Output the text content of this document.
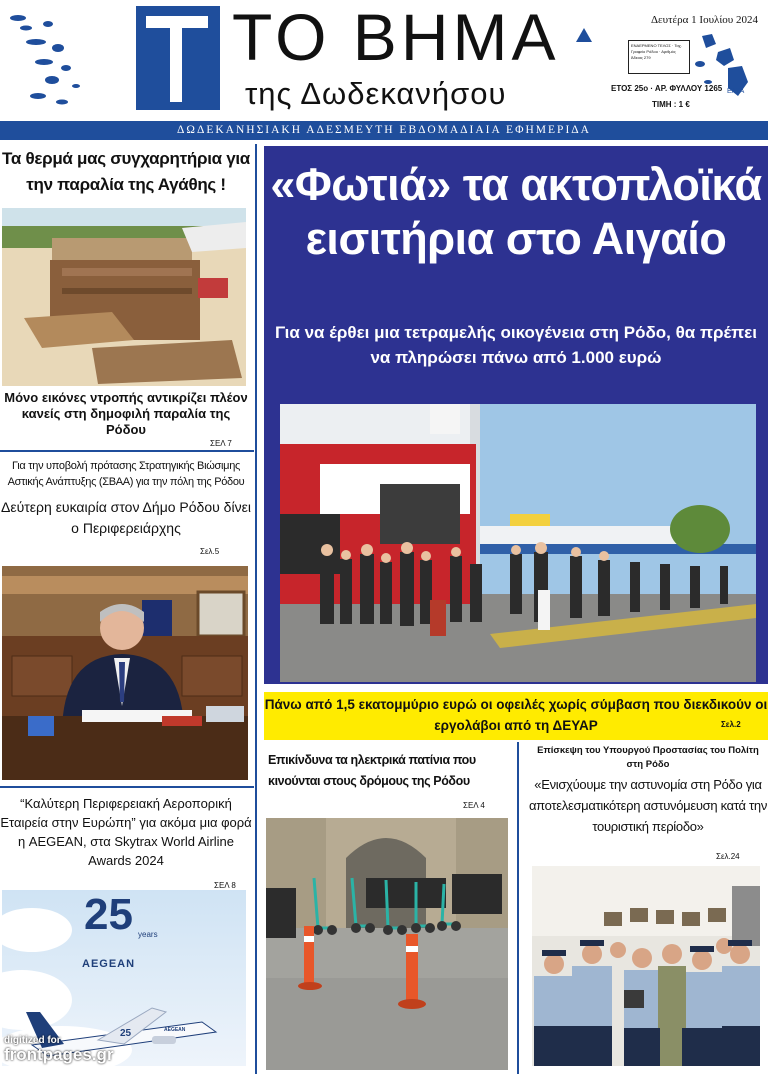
ΤΟ ΒΗΜΑ
της Δωδεκανήσου
Δευτέρα 1 Ιουλίου 2024
ΕΝΑΕΡΜΕΝΟ ΤΕΛΟΣ · Ταχ. Γραφείο Ρόδου · Αριθμός Άδειας 279
ΕΛΤΑ
ΕΤΟΣ 25ο · ΑΡ. ΦΥΛΛΟΥ 1265
ΤΙΜΗ : 1 €
ΔΩΔΕΚΑΝΗΣΙΑΚΗ ΑΔΕΣΜΕΥΤΗ ΕΒΔΟΜΑΔΙΑΙΑ ΕΦΗΜΕΡΙΔΑ
Τα θερμά μας συγχαρητήρια για την παραλία της Αγάθης !
Μόνο εικόνες ντροπής αντικρίζει πλέον κανείς στη δημοφιλή παραλία της Ρόδου
ΣΕΛ 7
Για την υποβολή πρότασης Στρατηγικής Βιώσιμης Αστικής Ανάπτυξης (ΣΒΑΑ) για την πόλη της Ρόδου
Δεύτερη ευκαιρία στον Δήμο Ρόδου δίνει ο Περιφερειάρχης
Σελ.5
“Καλύτερη Περιφερειακή Αεροπορική Εταιρεία στην Ευρώπη” για ακόμα μια φορά η AEGEAN, στα Skytrax World Airline Awards 2024
ΣΕΛ 8
25 years
AEGEAN
AEGEAN
25
digitized for
frontpages.gr
«Φωτιά» τα ακτοπλοϊκά
εισιτήρια στο Αιγαίο
Για να έρθει μια τετραμελής οικογένεια στη Ρόδο, θα πρέπει να πληρώσει πάνω από 1.000 ευρώ
Πάνω από 1,5 εκατομμύριο ευρώ οι οφειλές χωρίς σύμβαση που διεκδικούν οι εργολάβοι από τη ΔΕΥΑΡ	Σελ.2
Επικίνδυνα τα ηλεκτρικά πατίνια που κινούνται στους δρόμους της Ρόδου
ΣΕΛ 4
Επίσκεψη του Υπουργού Προστασίας του Πολίτη στη Ρόδο
«Ενισχύουμε την αστυνομία στη Ρόδο για αποτελεσματικότερη αστυνόμευση κατά την τουριστική περίοδο»
Σελ.24
